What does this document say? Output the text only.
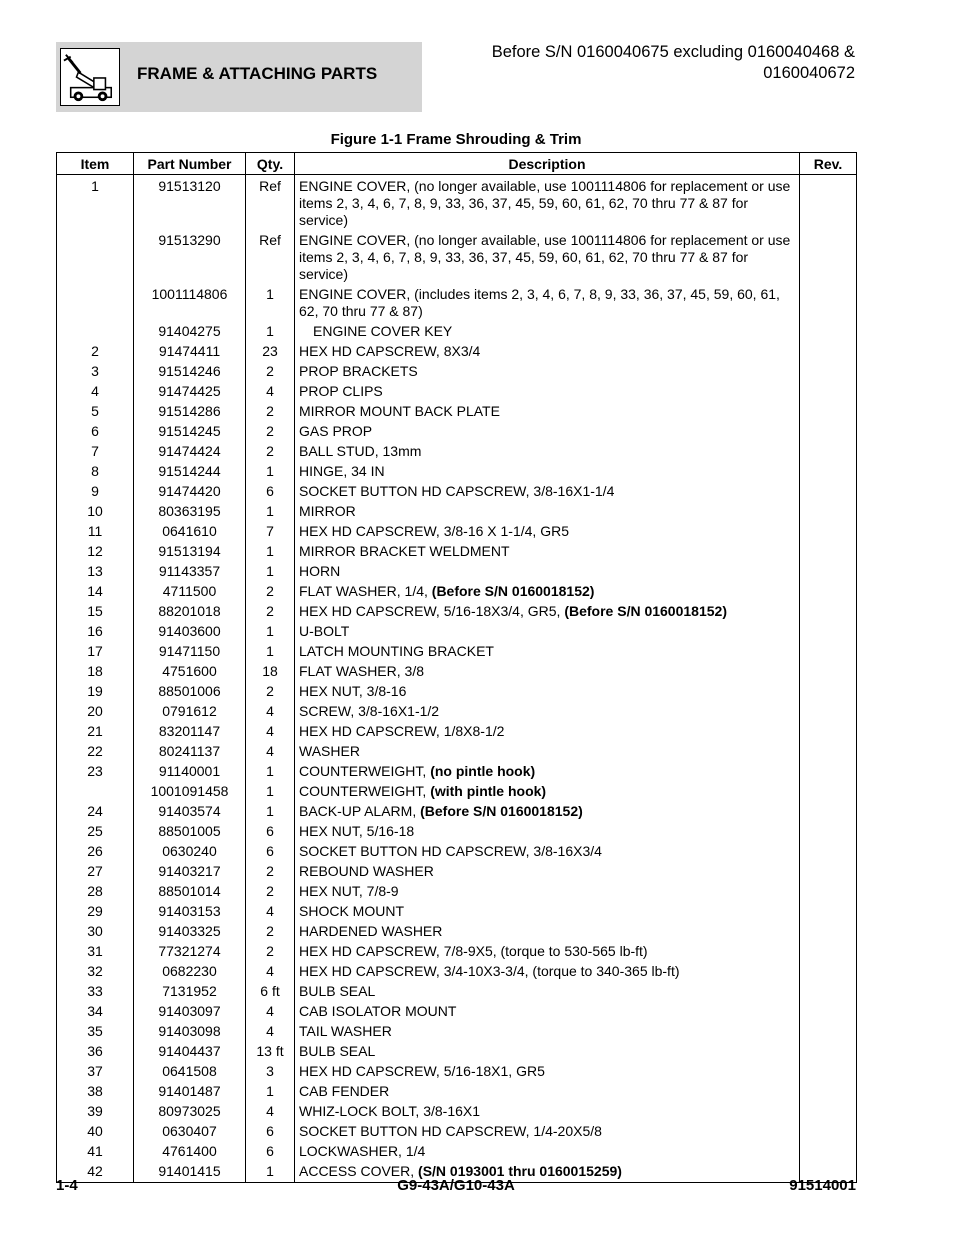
FRAME & ATTACHING PARTS
Before S/N 0160040675 excluding 0160040468 &
0160040672
Figure 1-1 Frame Shrouding & Trim
Item	Part Number	Qty.	Description	Rev.
1	91513120	Ref	ENGINE COVER, (no longer available, use 1001114806 for replacement or use items 2, 3, 4, 6, 7, 8, 9, 33, 36, 37, 45, 59, 60, 61, 62, 70 thru 77 & 87 for service)	
	91513290	Ref	ENGINE COVER, (no longer available, use 1001114806 for replacement or use items 2, 3, 4, 6, 7, 8, 9, 33, 36, 37, 45, 59, 60, 61, 62, 70 thru 77 & 87 for service)	
	1001114806	1	ENGINE COVER, (includes items 2, 3, 4, 6, 7, 8, 9, 33, 36, 37, 45, 59, 60, 61, 62, 70 thru 77 & 87)	
	91404275	1	ENGINE COVER KEY	
2	91474411	23	HEX HD CAPSCREW, 8X3/4	
3	91514246	2	PROP BRACKETS	
4	91474425	4	PROP CLIPS	
5	91514286	2	MIRROR MOUNT BACK PLATE	
6	91514245	2	GAS PROP	
7	91474424	2	BALL STUD, 13mm	
8	91514244	1	HINGE, 34 IN	
9	91474420	6	SOCKET BUTTON HD CAPSCREW, 3/8-16X1-1/4	
10	80363195	1	MIRROR	
11	0641610	7	HEX HD CAPSCREW, 3/8-16 X 1-1/4, GR5	
12	91513194	1	MIRROR BRACKET WELDMENT	
13	91143357	1	HORN	
14	4711500	2	FLAT WASHER, 1/4, (Before S/N 0160018152)	
15	88201018	2	HEX HD CAPSCREW, 5/16-18X3/4, GR5, (Before S/N 0160018152)	
16	91403600	1	U-BOLT	
17	91471150	1	LATCH MOUNTING BRACKET	
18	4751600	18	FLAT WASHER, 3/8	
19	88501006	2	HEX NUT, 3/8-16	
20	0791612	4	SCREW, 3/8-16X1-1/2	
21	83201147	4	HEX HD CAPSCREW, 1/8X8-1/2	
22	80241137	4	WASHER	
23	91140001	1	COUNTERWEIGHT, (no pintle hook)	
	1001091458	1	COUNTERWEIGHT, (with pintle hook)	
24	91403574	1	BACK-UP ALARM, (Before S/N 0160018152)	
25	88501005	6	HEX NUT, 5/16-18	
26	0630240	6	SOCKET BUTTON HD CAPSCREW, 3/8-16X3/4	
27	91403217	2	REBOUND WASHER	
28	88501014	2	HEX NUT, 7/8-9	
29	91403153	4	SHOCK MOUNT	
30	91403325	2	HARDENED WASHER	
31	77321274	2	HEX HD CAPSCREW, 7/8-9X5, (torque to 530-565 lb-ft)	
32	0682230	4	HEX HD CAPSCREW, 3/4-10X3-3/4, (torque to 340-365 lb-ft)	
33	7131952	6 ft	BULB SEAL	
34	91403097	4	CAB ISOLATOR MOUNT	
35	91403098	4	TAIL WASHER	
36	91404437	13 ft	BULB SEAL	
37	0641508	3	HEX HD CAPSCREW, 5/16-18X1, GR5	
38	91401487	1	CAB FENDER	
39	80973025	4	WHIZ-LOCK BOLT, 3/8-16X1	
40	0630407	6	SOCKET BUTTON HD CAPSCREW, 1/4-20X5/8	
41	4761400	6	LOCKWASHER, 1/4	
42	91401415	1	ACCESS COVER, (S/N 0193001 thru 0160015259)	
1-4	G9-43A/G10-43A	91514001
